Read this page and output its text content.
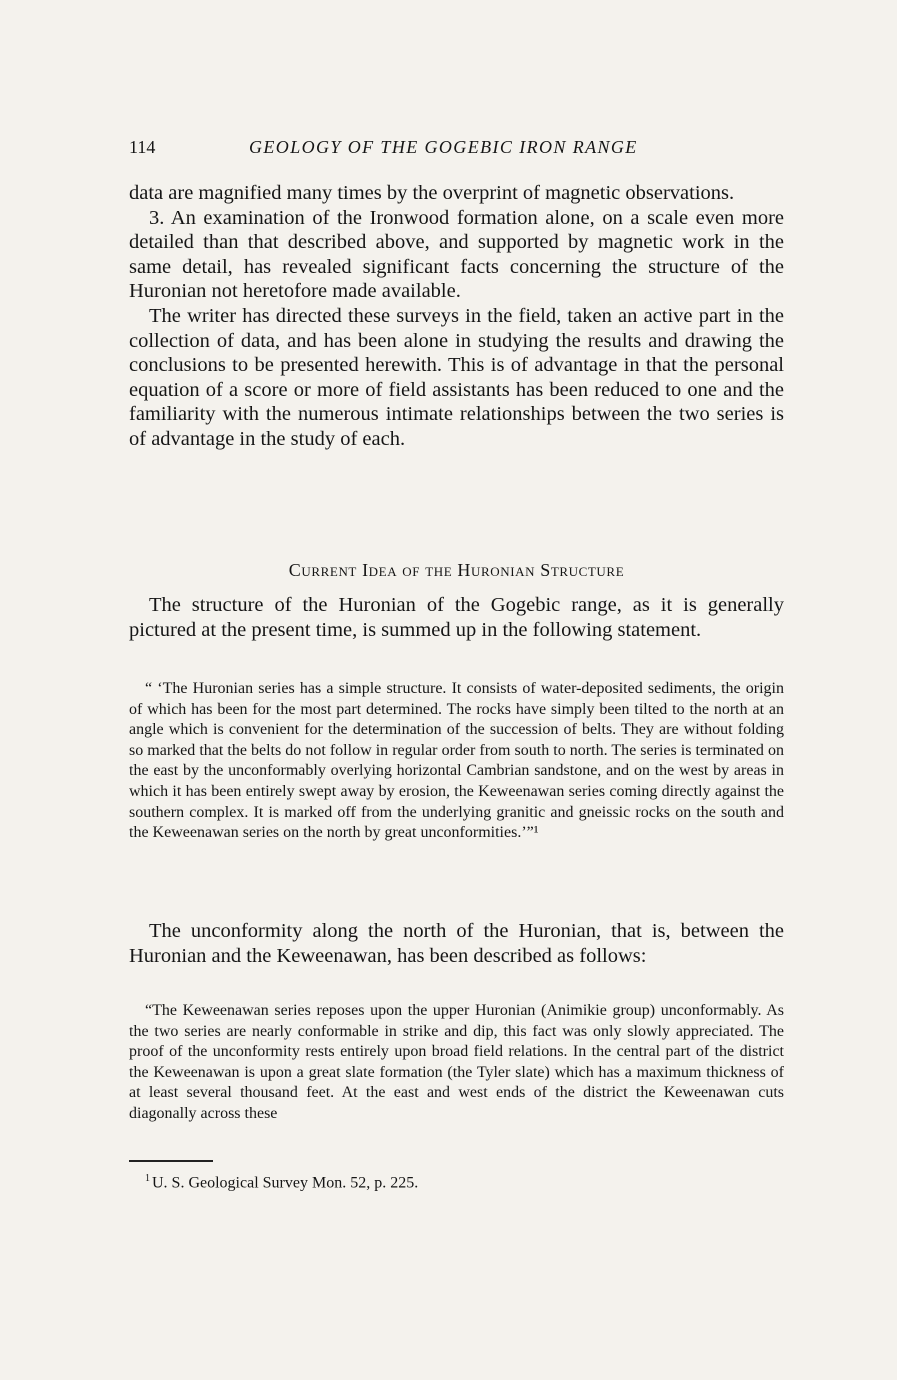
114	GEOLOGY OF THE GOGEBIC IRON RANGE

data are magnified many times by the overprint of magnetic observations.

3. An examination of the Ironwood formation alone, on a scale even more detailed than that described above, and supported by magnetic work in the same detail, has revealed significant facts concerning the structure of the Huronian not heretofore made available.

The writer has directed these surveys in the field, taken an active part in the collection of data, and has been alone in studying the results and drawing the conclusions to be presented herewith. This is of advantage in that the personal equation of a score or more of field assistants has been reduced to one and the familiarity with the numerous intimate relationships between the two series is of advantage in the study of each.

Current Idea of the Huronian Structure

The structure of the Huronian of the Gogebic range, as it is generally pictured at the present time, is summed up in the following statement.

“ ‘The Huronian series has a simple structure. It consists of water-deposited sediments, the origin of which has been for the most part determined. The rocks have simply been tilted to the north at an angle which is convenient for the determination of the succession of belts. They are without folding so marked that the belts do not follow in regular order from south to north. The series is terminated on the east by the unconformably overlying horizontal Cambrian sandstone, and on the west by areas in which it has been entirely swept away by erosion, the Keweenawan series coming directly against the southern complex. It is marked off from the underlying granitic and gneissic rocks on the south and the Keweenawan series on the north by great unconformities.’”¹

The unconformity along the north of the Huronian, that is, between the Huronian and the Keweenawan, has been described as follows:

“The Keweenawan series reposes upon the upper Huronian (Animikie group) unconformably. As the two series are nearly conformable in strike and dip, this fact was only slowly appreciated. The proof of the unconformity rests entirely upon broad field relations. In the central part of the district the Keweenawan is upon a great slate formation (the Tyler slate) which has a maximum thickness of at least several thousand feet. At the east and west ends of the district the Keweenawan cuts diagonally across these

$^1$ U. S. Geological Survey Mon. 52, p. 225.
